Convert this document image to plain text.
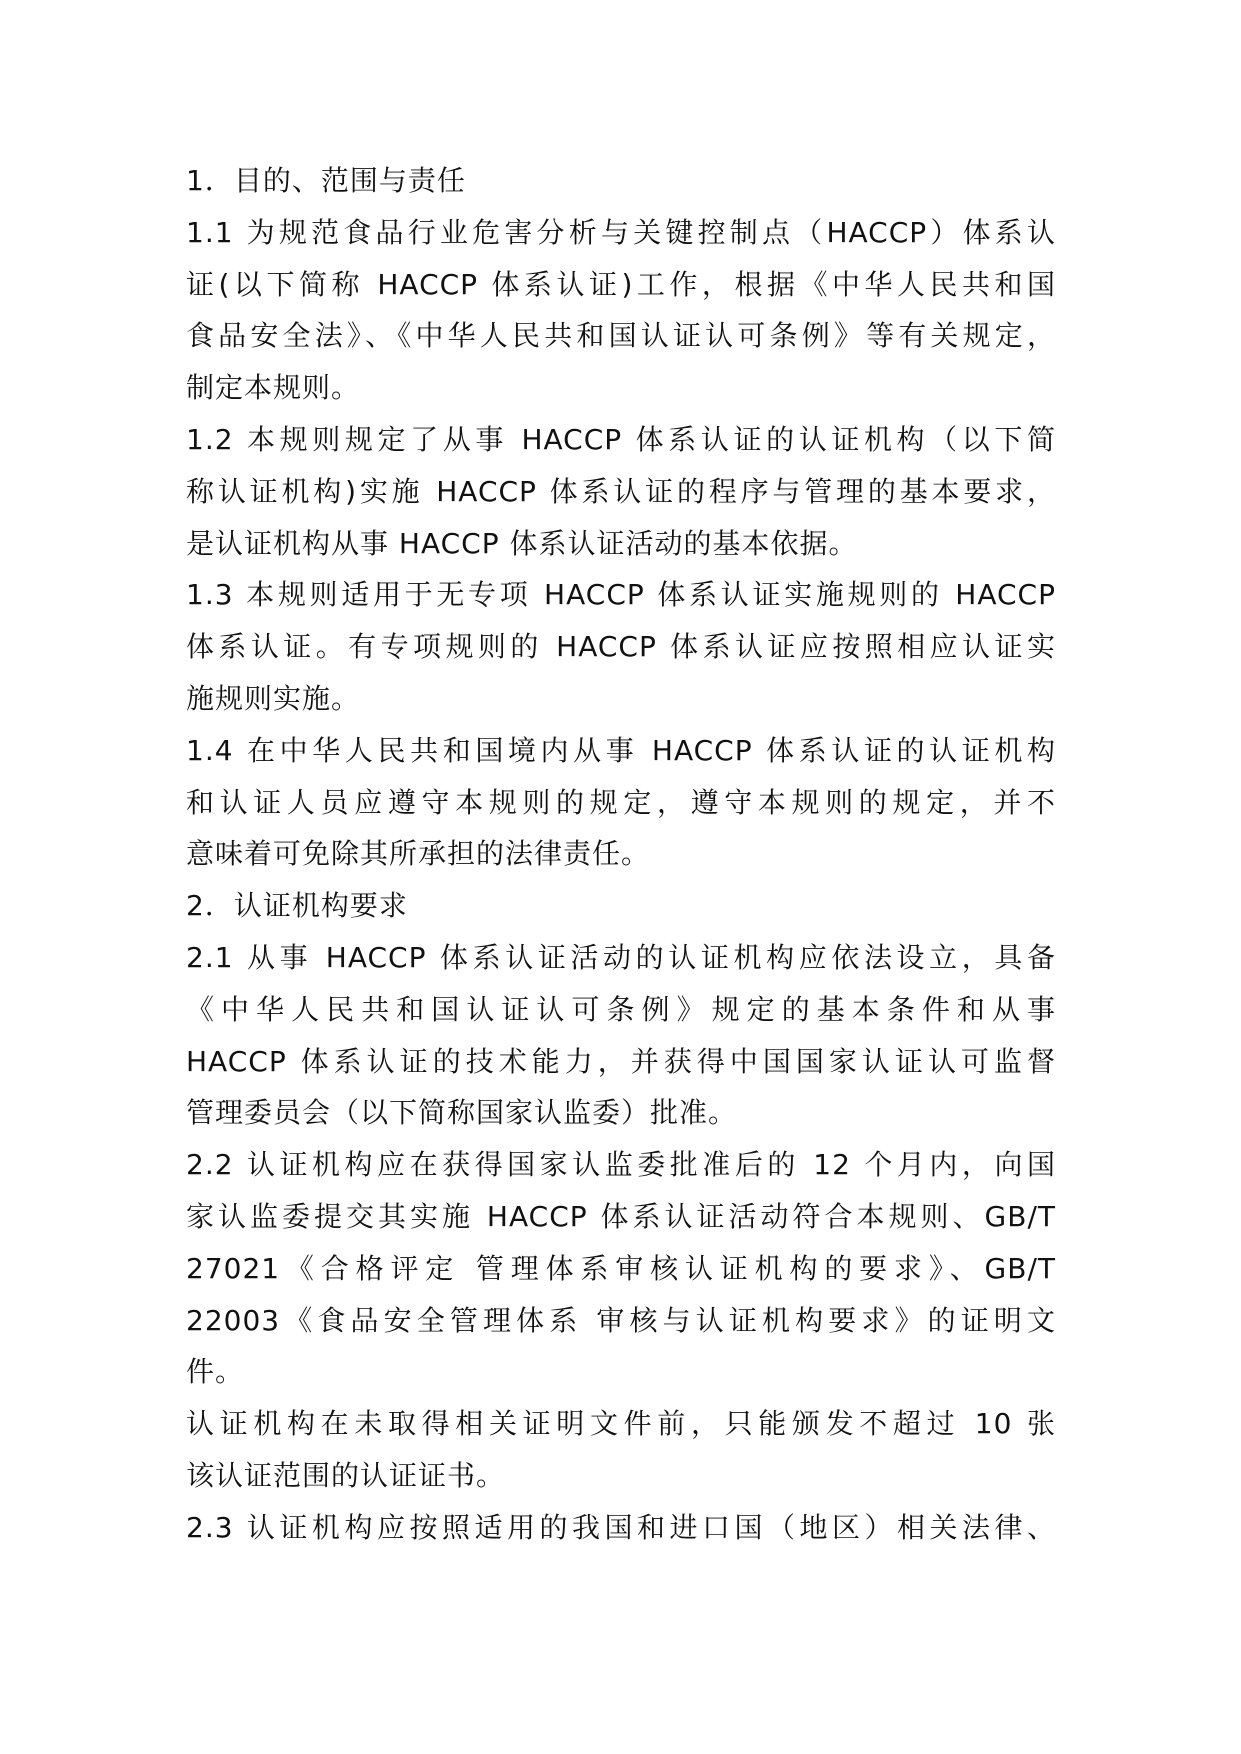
1．目的、范围与责任
1.1 为规范食品行业危害分析与关键控制点（HACCP）体系认
证(以下简称 HACCP 体系认证)工作，根据《中华人民共和国
食品安全法》、《中华人民共和国认证认可条例》等有关规定，
制定本规则。
1.2 本规则规定了从事 HACCP 体系认证的认证机构（以下简
称认证机构)实施 HACCP 体系认证的程序与管理的基本要求，
是认证机构从事 HACCP 体系认证活动的基本依据。
1.3 本规则适用于无专项 HACCP 体系认证实施规则的 HACCP
体系认证。有专项规则的 HACCP 体系认证应按照相应认证实
施规则实施。
1.4 在中华人民共和国境内从事 HACCP 体系认证的认证机构
和认证人员应遵守本规则的规定，遵守本规则的规定，并不
意味着可免除其所承担的法律责任。
2．认证机构要求
2.1 从事 HACCP 体系认证活动的认证机构应依法设立，具备
《中华人民共和国认证认可条例》规定的基本条件和从事
HACCP 体系认证的技术能力，并获得中国国家认证认可监督
管理委员会（以下简称国家认监委）批准。
2.2 认证机构应在获得国家认监委批准后的 12 个月内，向国
家认监委提交其实施 HACCP 体系认证活动符合本规则、GB/T
27021《合格评定 管理体系审核认证机构的要求》、GB/T
22003《食品安全管理体系 审核与认证机构要求》的证明文
件。
认证机构在未取得相关证明文件前，只能颁发不超过 10 张
该认证范围的认证证书。
2.3 认证机构应按照适用的我国和进口国（地区）相关法律、
